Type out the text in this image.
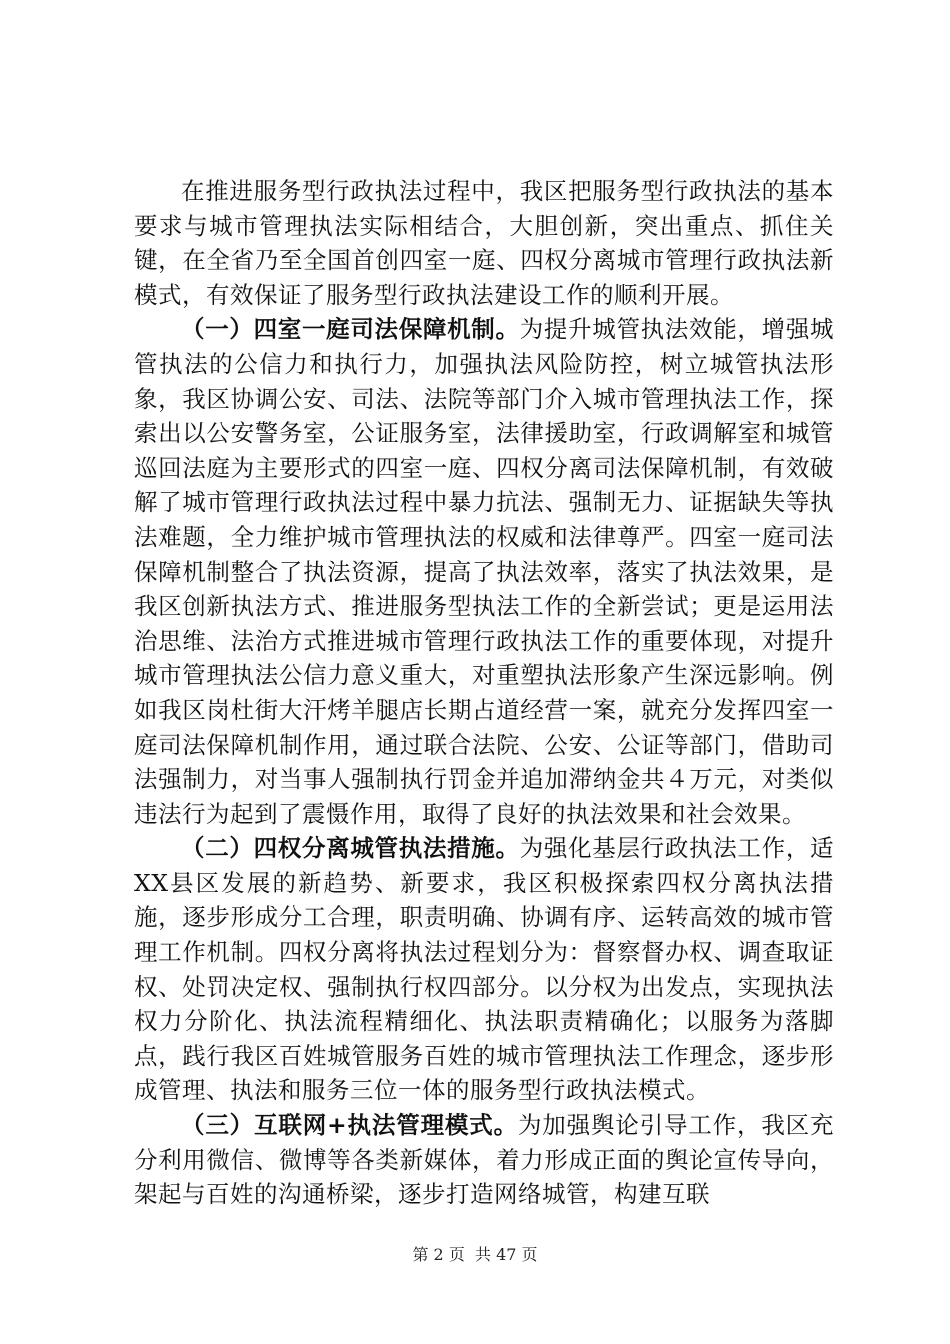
在推进服务型行政执法过程中，我区把服务型行政执法的基本要求与城市管理执法实际相结合，大胆创新，突出重点、抓住关键，在全省乃至全国首创四室一庭、四权分离城市管理行政执法新模式，有效保证了服务型行政执法建设工作的顺利开展。

（一）四室一庭司法保障机制。为提升城管执法效能，增强城管执法的公信力和执行力，加强执法风险防控，树立城管执法形象，我区协调公安、司法、法院等部门介入城市管理执法工作，探索出以公安警务室，公证服务室，法律援助室，行政调解室和城管巡回法庭为主要形式的四室一庭、四权分离司法保障机制，有效破解了城市管理行政执法过程中暴力抗法、强制无力、证据缺失等执法难题，全力维护城市管理执法的权威和法律尊严。四室一庭司法保障机制整合了执法资源，提高了执法效率，落实了执法效果，是我区创新执法方式、推进服务型执法工作的全新尝试；更是运用法治思维、法治方式推进城市管理行政执法工作的重要体现，对提升城市管理执法公信力意义重大，对重塑执法形象产生深远影响。例如我区岗杜街大汗烤羊腿店长期占道经营一案，就充分发挥四室一庭司法保障机制作用，通过联合法院、公安、公证等部门，借助司法强制力，对当事人强制执行罚金并追加滞纳金共４万元，对类似违法行为起到了震慑作用，取得了良好的执法效果和社会效果。

（二）四权分离城管执法措施。为强化基层行政执法工作，适XX县区发展的新趋势、新要求，我区积极探索四权分离执法措施，逐步形成分工合理，职责明确、协调有序、运转高效的城市管理工作机制。四权分离将执法过程划分为：督察督办权、调查取证权、处罚决定权、强制执行权四部分。以分权为出发点，实现执法权力分阶化、执法流程精细化、执法职责精确化；以服务为落脚点，践行我区百姓城管服务百姓的城市管理执法工作理念，逐步形成管理、执法和服务三位一体的服务型行政执法模式。

（三）互联网+执法管理模式。为加强舆论引导工作，我区充分利用微信、微博等各类新媒体，着力形成正面的舆论宣传导向，架起与百姓的沟通桥梁，逐步打造网络城管，构建互联

第 2 页  共 47 页
